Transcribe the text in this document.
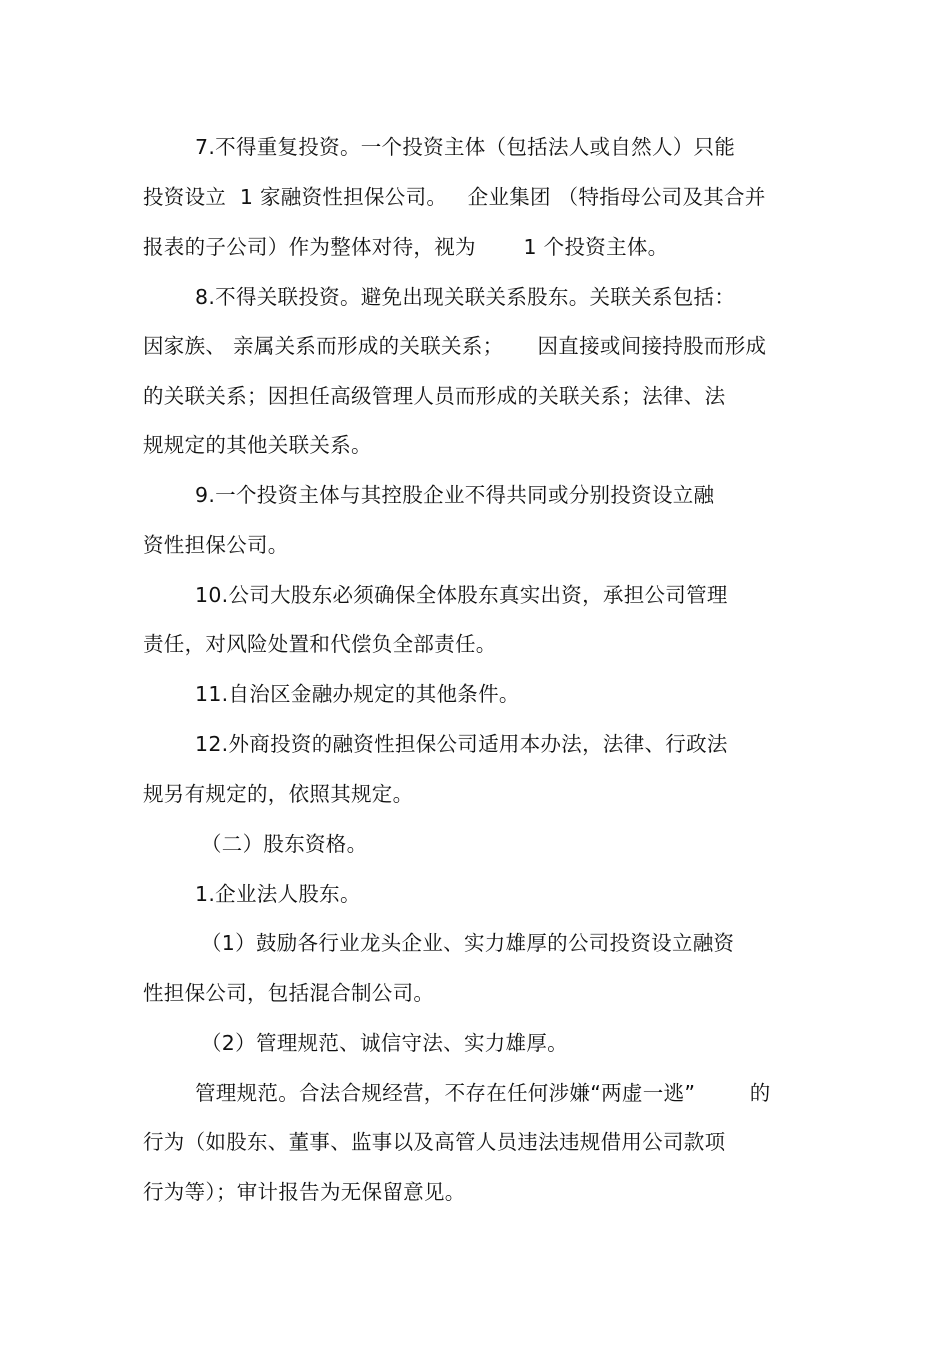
7.不得重复投资。一个投资主体（包括法人或自然人）只能
投资设立  1 家融资性担保公司。   企业集团 （特指母公司及其合并
报表的子公司）作为整体对待，视为       1 个投资主体。
8.不得关联投资。避免出现关联关系股东。关联关系包括：
因家族、 亲属关系而形成的关联关系；     因直接或间接持股而形成
的关联关系；因担任高级管理人员而形成的关联关系；法律、法
规规定的其他关联关系。
9.一个投资主体与其控股企业不得共同或分别投资设立融
资性担保公司。
10.公司大股东必须确保全体股东真实出资，承担公司管理
责任，对风险处置和代偿负全部责任。
11.自治区金融办规定的其他条件。
12.外商投资的融资性担保公司适用本办法，法律、行政法
规另有规定的，依照其规定。
（二）股东资格。
1.企业法人股东。
（1）鼓励各行业龙头企业、实力雄厚的公司投资设立融资
性担保公司，包括混合制公司。
（2）管理规范、诚信守法、实力雄厚。
管理规范。合法合规经营，不存在任何涉嫌“两虚一逃”        的
行为（如股东、董事、监事以及高管人员违法违规借用公司款项
行为等）；审计报告为无保留意见。
